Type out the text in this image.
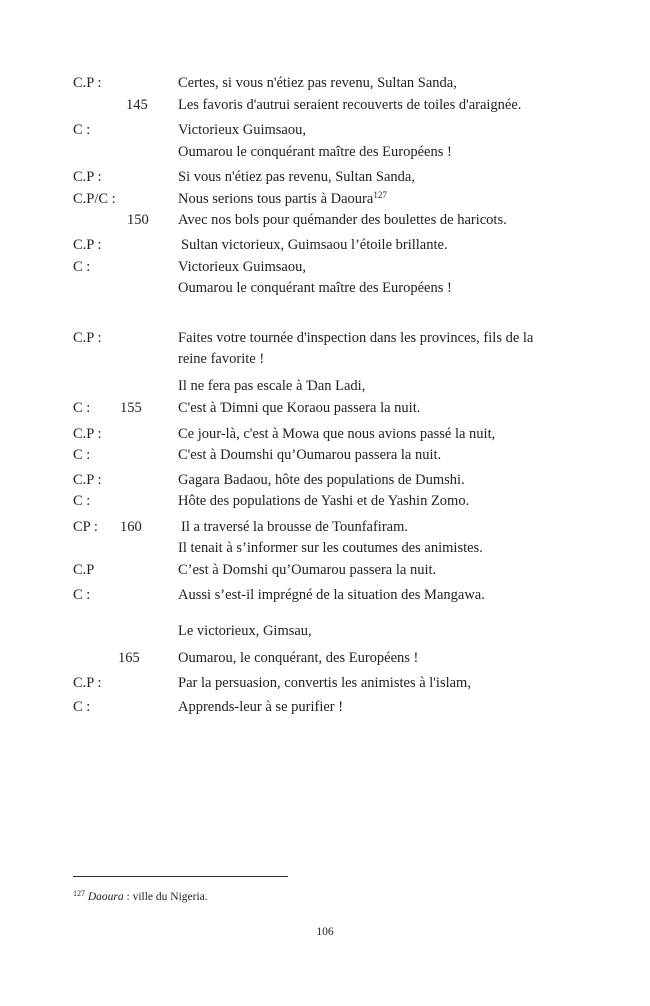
C.P :	Certes, si vous n'étiez pas revenu, Sultan Sanda,
145 Les favoris d'autrui seraient recouverts de toiles d'araignée.
C :	Victorieux Guimsaou,
Oumarou le conquérant maître des Européens !
C.P :	Si vous n'étiez pas revenu, Sultan Sanda,
C.P/C :	Nous serions tous partis à Daoura$^{127}$
150 Avec nos bols pour quémander des boulettes de haricots.
C.P :	Sultan victorieux, Guimsaou l’étoile brillante.
C :	Victorieux Guimsaou,
Oumarou le conquérant maître des Européens !
C.P :	Faites votre tournée d'inspection dans les provinces, fils de la
reine favorite !
Il ne fera pas escale à Ɗan Ladi,
C : 155	C'est à Ɗimni que Koraou passera la nuit.
C.P :	Ce jour-là, c'est à Mowa que nous avions passé la nuit,
C :	C'est à Doumshi qu’Oumarou passera la nuit.
C.P :	Gagara Badaou, hôte des populations de Dumshi.
C :	Hôte des populations de Yashi et de Yashin Zomo.
CP : 160	Il a traversé la brousse de Tounfafiram.
Il tenait à s’informer sur les coutumes des animistes.
C.P	C’est à Domshi qu’Oumarou passera la nuit.
C :	Aussi s’est-il imprégné de la situation des Mangawa.
Le victorieux, Gimsau,
165	Oumarou, le conquérant, des Européens !
C.P :	Par la persuasion, convertis les animistes à l'islam,
C :	Apprends-leur à se purifier !
$^{127}$ Daoura : ville du Nigeria.
106
